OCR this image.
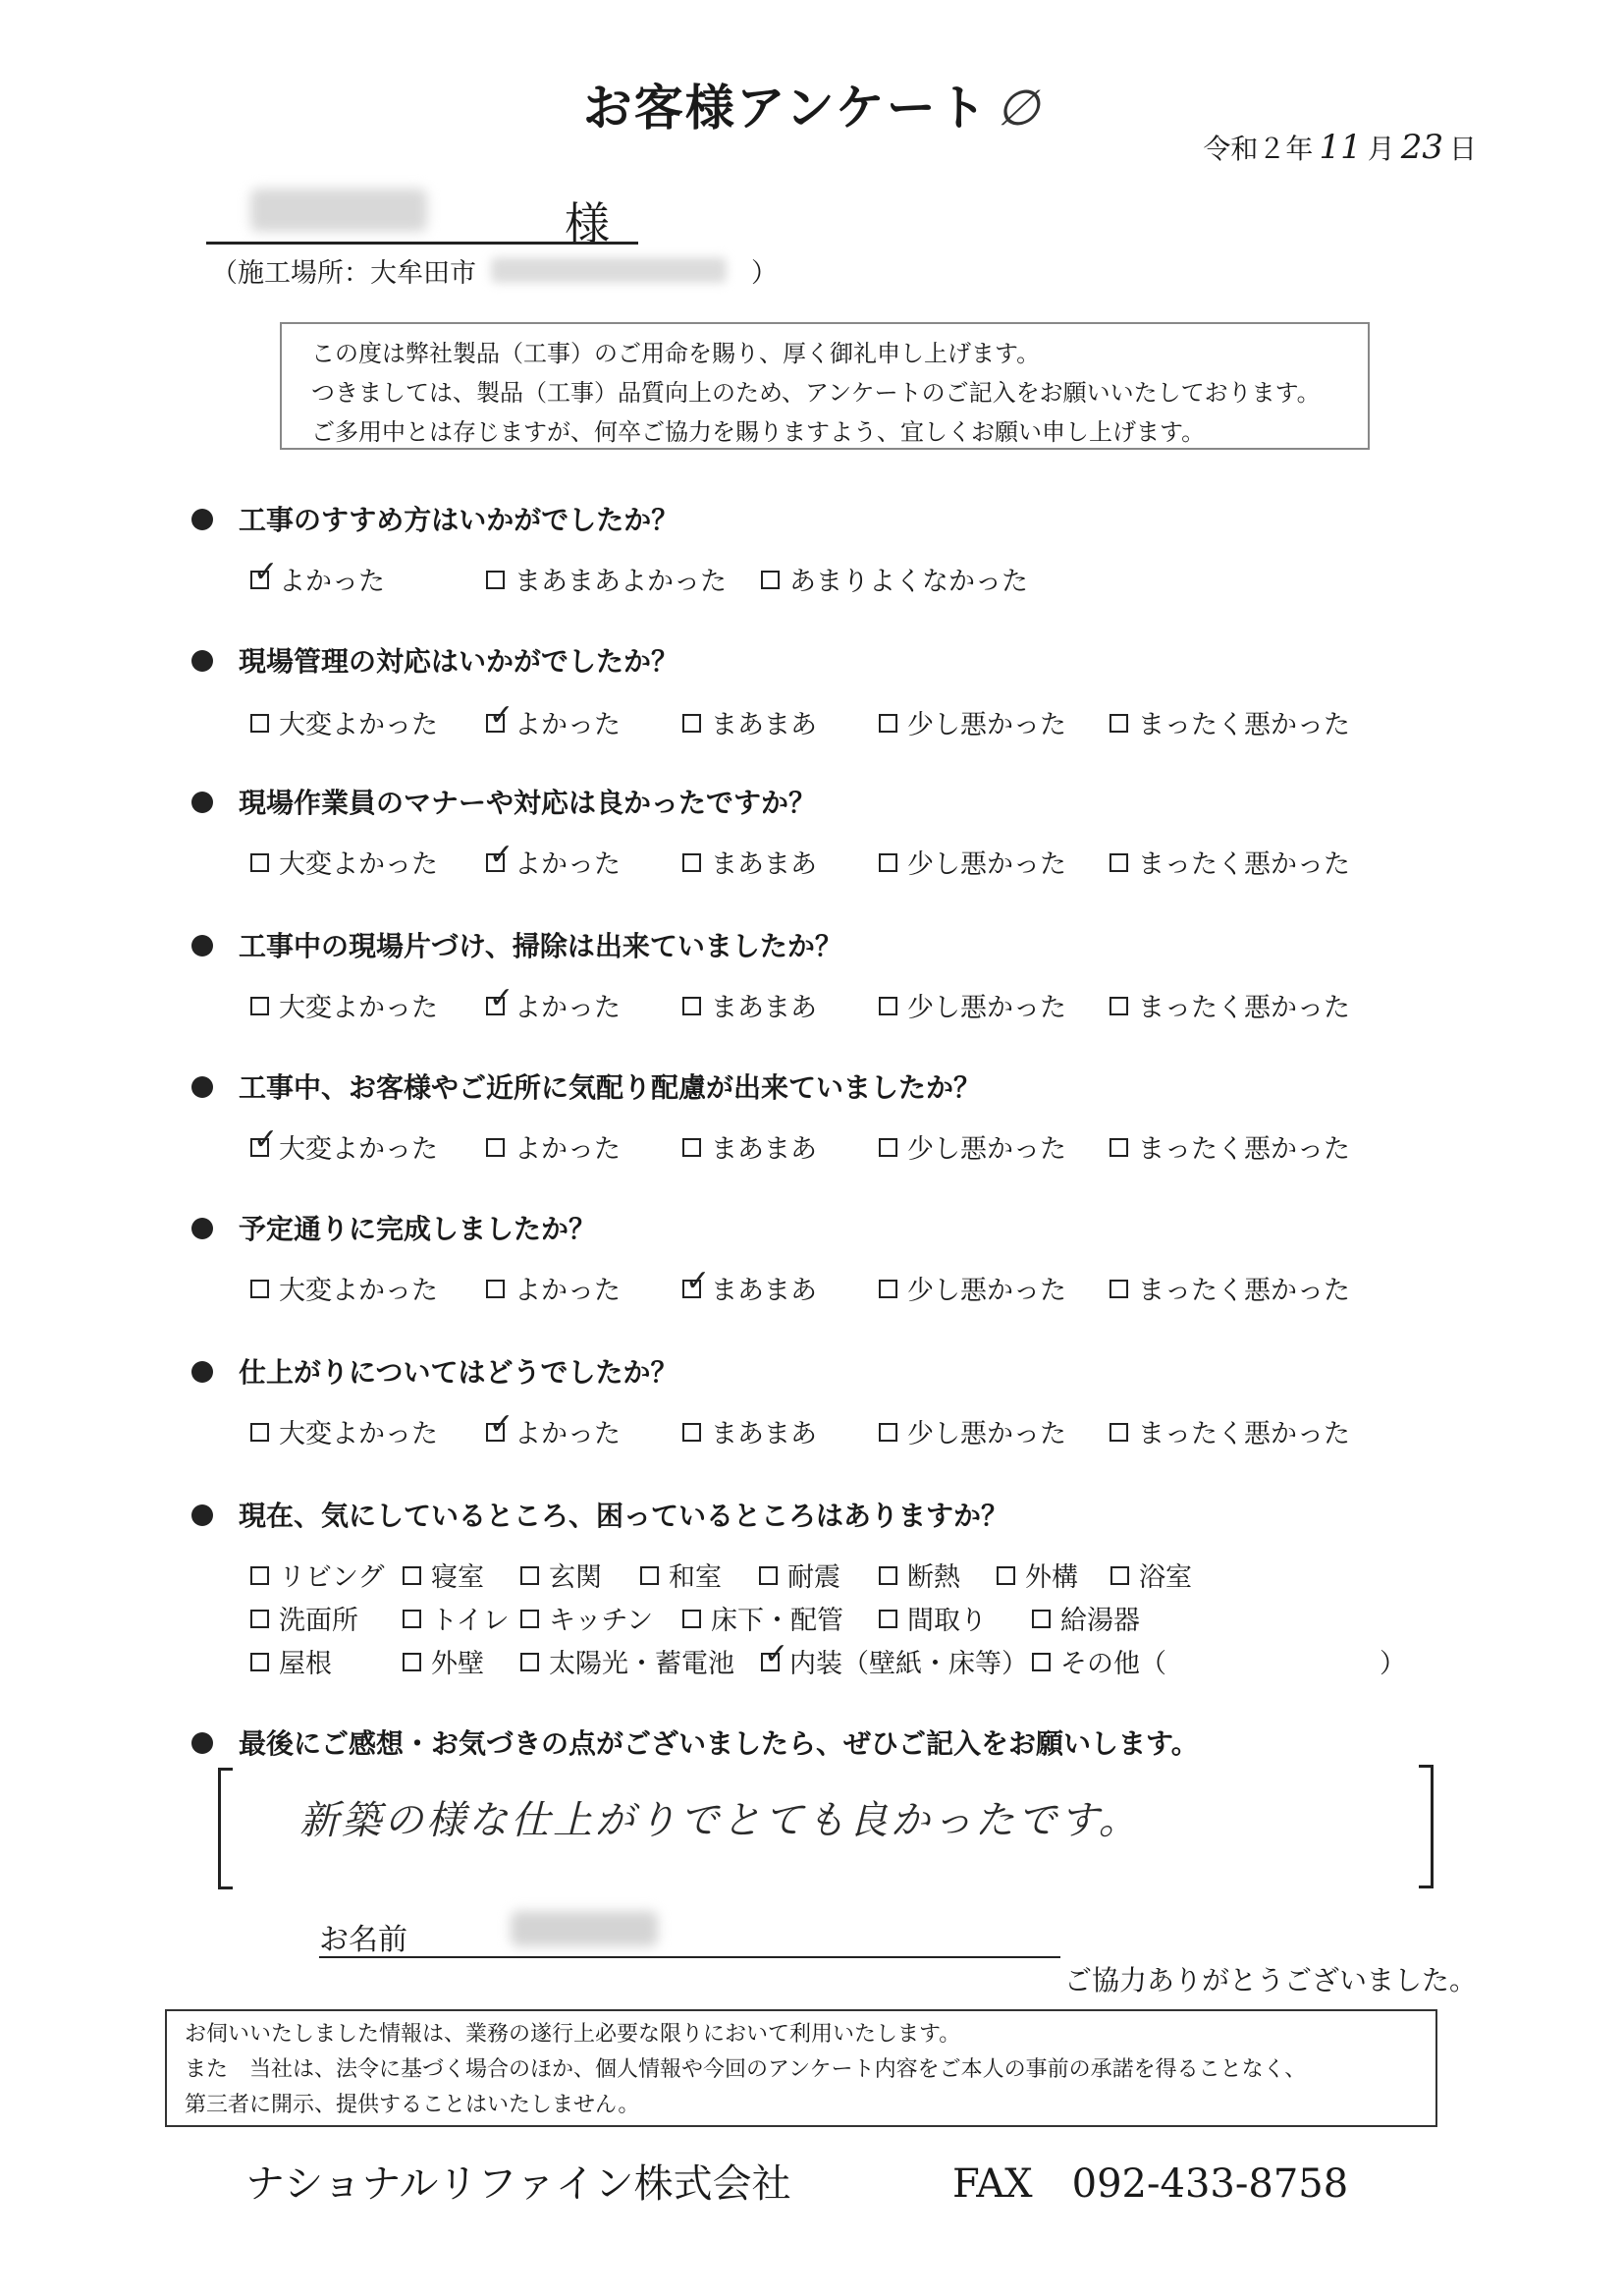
お客様アンケート ∅
令和２年 11 月 23 日
様
（施工場所：大牟田市	）
この度は弊社製品（工事）のご用命を賜り、厚く御礼申し上げます。
つきましては、製品（工事）品質向上のため、アンケートのご記入をお願いいたしております。
ご多用中とは存じますが、何卒ご協力を賜りますよう、宜しくお願い申し上げます。
工事のすすめ方はいかがでしたか？
✓よかった	まあまあよかった	あまりよくなかった
現場管理の対応はいかがでしたか？
大変よかった ✓	よかった	まあまあ	少し悪かった	まったく悪かった
現場作業員のマナーや対応は良かったですか？
大変よかった ✓	よかった	まあまあ	少し悪かった	まったく悪かった
工事中の現場片づけ、掃除は出来ていましたか？
大変よかった ✓	よかった	まあまあ	少し悪かった	まったく悪かった
工事中、お客様やご近所に気配り配慮が出来ていましたか？
✓大変よかった	よかった	まあまあ	少し悪かった	まったく悪かった
予定通りに完成しましたか？
大変よかった	よかった ✓	まあまあ	少し悪かった	まったく悪かった
仕上がりについてはどうでしたか？
大変よかった ✓	よかった	まあまあ	少し悪かった	まったく悪かった
現在、気にしているところ、困っているところはありますか？
リビング	寝室	玄関	和室	耐震	断熱	外構	浴室
洗面所	トイレ	キッチン	床下・配管	間取り	給湯器
屋根	外壁	太陽光・蓄電池 ✓	内装（壁紙・床等）	その他（	）
最後にご感想・お気づきの点がございましたら、ぜひご記入をお願いします。
新築の様な仕上がりでとても良かったです。
お名前
ご協力ありがとうございました。
お伺いいたしました情報は、業務の遂行上必要な限りにおいて利用いたします。
また　当社は、法令に基づく場合のほか、個人情報や今回のアンケート内容をご本人の事前の承諾を得ることなく、
第三者に開示、提供することはいたしません。
ナショナルリファイン株式会社	FAX　092-433-8758
